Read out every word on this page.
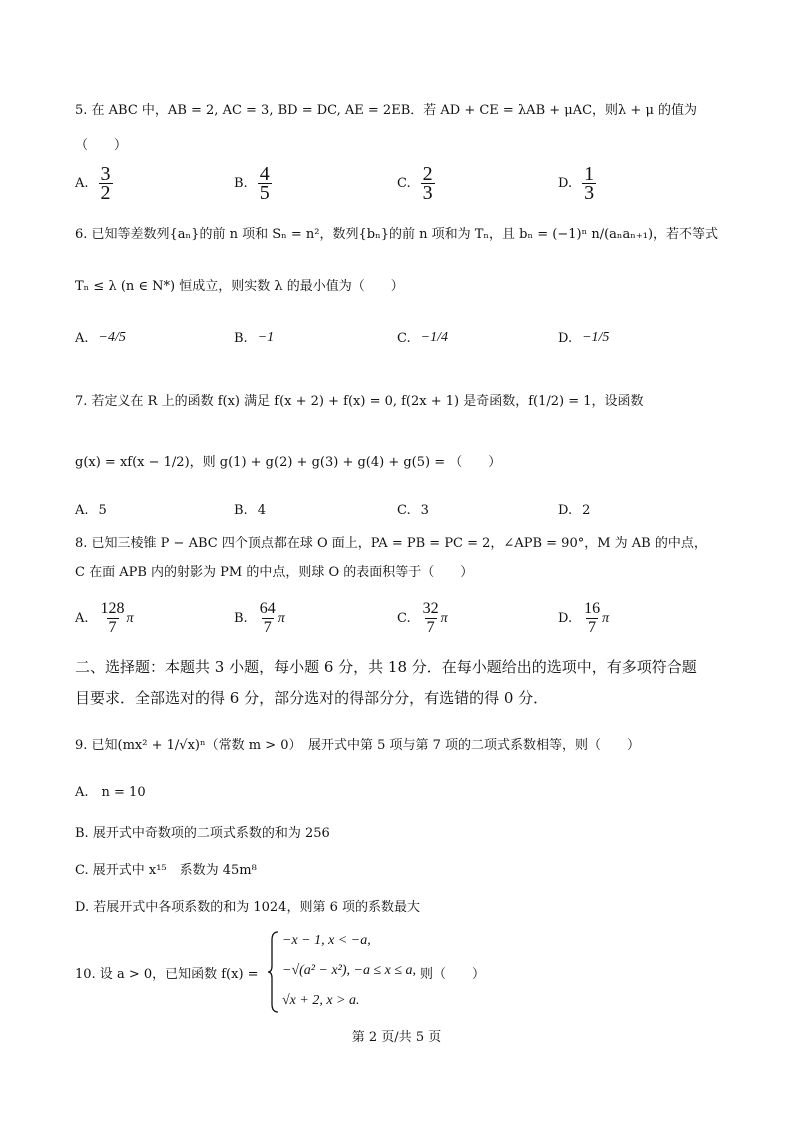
5. 在 ABC 中，AB = 2, AC = 3, BD = DC, AE = 2EB．若 AD + CE = λAB + μAC，则λ + μ 的值为
（　　）
A. $\frac{3}{2}$	B. $\frac{4}{5}$	C. $\frac{2}{3}$	D. $\frac{1}{3}$
6. 已知等差数列{aₙ}的前 n 项和 Sₙ = n²，数列{bₙ}的前 n 项和为 Tₙ，且 bₙ = (−1)ⁿ n/(aₙaₙ₊₁)，若不等式
Tₙ ≤ λ (n ∈ N*) 恒成立，则实数 λ 的最小值为（　　）
A. −4/5	B. −1	C. −1/4	D. −1/5
7. 若定义在 R 上的函数 f(x) 满足 f(x + 2) + f(x) = 0, f(2x + 1) 是奇函数，f(1/2) = 1，设函数
g(x) = xf(x − 1/2)，则 g(1) + g(2) + g(3) + g(4) + g(5) = （　　）
A. 5	B. 4	C. 3	D. 2
8. 已知三棱锥 P − ABC 四个顶点都在球 O 面上，PA = PB = PC = 2，∠APB = 90°，M 为 AB 的中点，
C 在面 APB 内的射影为 PM 的中点，则球 O 的表面积等于（　　）
A. $\frac{128}{7}$ π	B. $\frac{64}{7}$ π	C. $\frac{32}{7}$ π	D. $\frac{16}{7}$ π
二、选择题：本题共 3 小题，每小题 6 分，共 18 分．在每小题给出的选项中，有多项符合题
目要求．全部选对的得 6 分，部分选对的得部分分，有选错的得 0 分．
9. 已知(mx² + 1/√x)ⁿ（常数 m > 0）　展开式中第 5 项与第 7 项的二项式系数相等，则（　　）
A.　n = 10
B. 展开式中奇数项的二项式系数的和为 256
C. 展开式中 x¹⁵　系数为 45m⁸
D. 若展开式中各项系数的和为 1024，则第 6 项的系数最大
10. 设 a > 0，已知函数 f(x) =
−x − 1, x < −a,
−√(a² − x²), −a ≤ x ≤ a,
√x + 2, x > a.
则（　　）
第 2 页/共 5 页
